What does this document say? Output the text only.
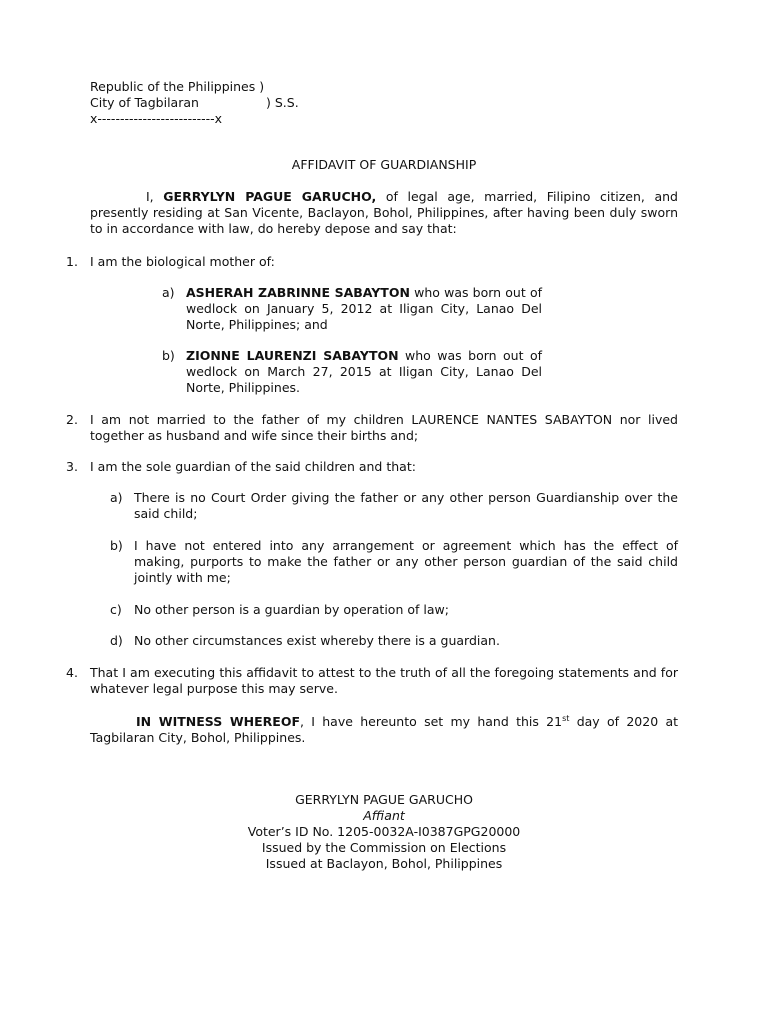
Republic of the Philippines )
City of Tagbilaran	) S.S.
x--------------------------x
AFFIDAVIT OF GUARDIANSHIP

I, GERRYLYN PAGUE GARUCHO, of legal age, married, Filipino citizen, and presently residing at San Vicente, Baclayon, Bohol, Philippines, after having been duly sworn to in accordance with law, do hereby depose and say that:

1. I am the biological mother of:
a) ASHERAH ZABRINNE SABAYTON who was born out of wedlock on January 5, 2012 at Iligan City, Lanao Del Norte, Philippines; and
b) ZIONNE LAURENZI SABAYTON who was born out of wedlock on March 27, 2015 at Iligan City, Lanao Del Norte, Philippines.
2. I am not married to the father of my children LAURENCE NANTES SABAYTON nor lived together as husband and wife since their births and;
3. I am the sole guardian of the said children and that:
a) There is no Court Order giving the father or any other person Guardianship over the said child;
b) I have not entered into any arrangement or agreement which has the effect of making, purports to make the father or any other person guardian of the said child jointly with me;
c) No other person is a guardian by operation of law;
d) No other circumstances exist whereby there is a guardian.
4. That I am executing this affidavit to attest to the truth of all the foregoing statements and for whatever legal purpose this may serve.

IN WITNESS WHEREOF, I have hereunto set my hand this 21st day of 2020 at Tagbilaran City, Bohol, Philippines.

GERRYLYN PAGUE GARUCHO
Affiant
Voter’s ID No. 1205-0032A-I0387GPG20000
Issued by the Commission on Elections
Issued at Baclayon, Bohol, Philippines
